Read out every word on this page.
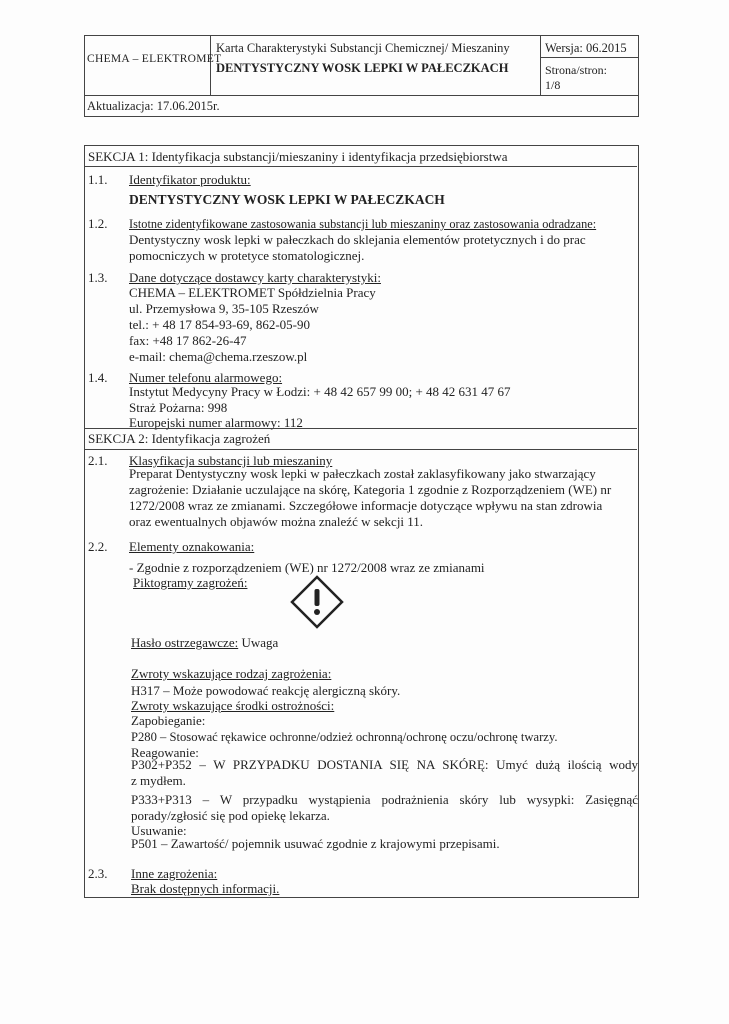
CHEMA – ELEKTROMET
Karta Charakterystyki Substancji Chemicznej/ Mieszaniny
DENTYSTYCZNY WOSK LEPKI W PAŁECZKACH
Wersja: 06.2015
Strona/stron:
1/8
Aktualizacja: 17.06.2015r.
SEKCJA 1: Identyfikacja substancji/mieszaniny i identyfikacja przedsiębiorstwa
1.1. Identyfikator produktu:
DENTYSTYCZNY WOSK LEPKI W PAŁECZKACH
1.2. Istotne zidentyfikowane zastosowania substancji lub mieszaniny oraz zastosowania odradzane:
Dentystyczny wosk lepki w pałeczkach do sklejania elementów protetycznych i do prac
pomocniczych w protetyce stomatologicznej.
1.3. Dane dotyczące dostawcy karty charakterystyki:
CHEMA – ELEKTROMET Spółdzielnia Pracy
ul. Przemysłowa 9, 35-105 Rzeszów
tel.: + 48 17 854-93-69, 862-05-90
fax: +48 17 862-26-47
e-mail: chema@chema.rzeszow.pl
1.4. Numer telefonu alarmowego:
Instytut Medycyny Pracy w Łodzi: + 48 42 657 99 00; + 48 42 631 47 67
Straż Pożarna: 998
Europejski numer alarmowy: 112
SEKCJA 2: Identyfikacja zagrożeń
2.1. Klasyfikacja substancji lub mieszaniny
Preparat Dentystyczny wosk lepki w pałeczkach został zaklasyfikowany jako stwarzający
zagrożenie: Działanie uczulające na skórę, Kategoria 1 zgodnie z Rozporządzeniem (WE) nr
1272/2008 wraz ze zmianami. Szczegółowe informacje dotyczące wpływu na stan zdrowia
oraz ewentualnych objawów można znaleźć w sekcji 11.
2.2. Elementy oznakowania:
- Zgodnie z rozporządzeniem (WE) nr 1272/2008 wraz ze zmianami
Piktogramy zagrożeń:
Hasło ostrzegawcze: Uwaga
Zwroty wskazujące rodzaj zagrożenia:
H317 – Może powodować reakcję alergiczną skóry.
Zwroty wskazujące środki ostrożności:
Zapobieganie:
P280 – Stosować rękawice ochronne/odzież ochronną/ochronę oczu/ochronę twarzy.
Reagowanie:
P302+P352 – W PRZYPADKU DOSTANIA SIĘ NA SKÓRĘ: Umyć dużą ilością wody
z mydłem.
P333+P313 – W przypadku wystąpienia podrażnienia skóry lub wysypki: Zasięgnąć
porady/zgłosić się pod opiekę lekarza.
Usuwanie:
P501 – Zawartość/ pojemnik usuwać zgodnie z krajowymi przepisami.
2.3. Inne zagrożenia:
Brak dostępnych informacji.
